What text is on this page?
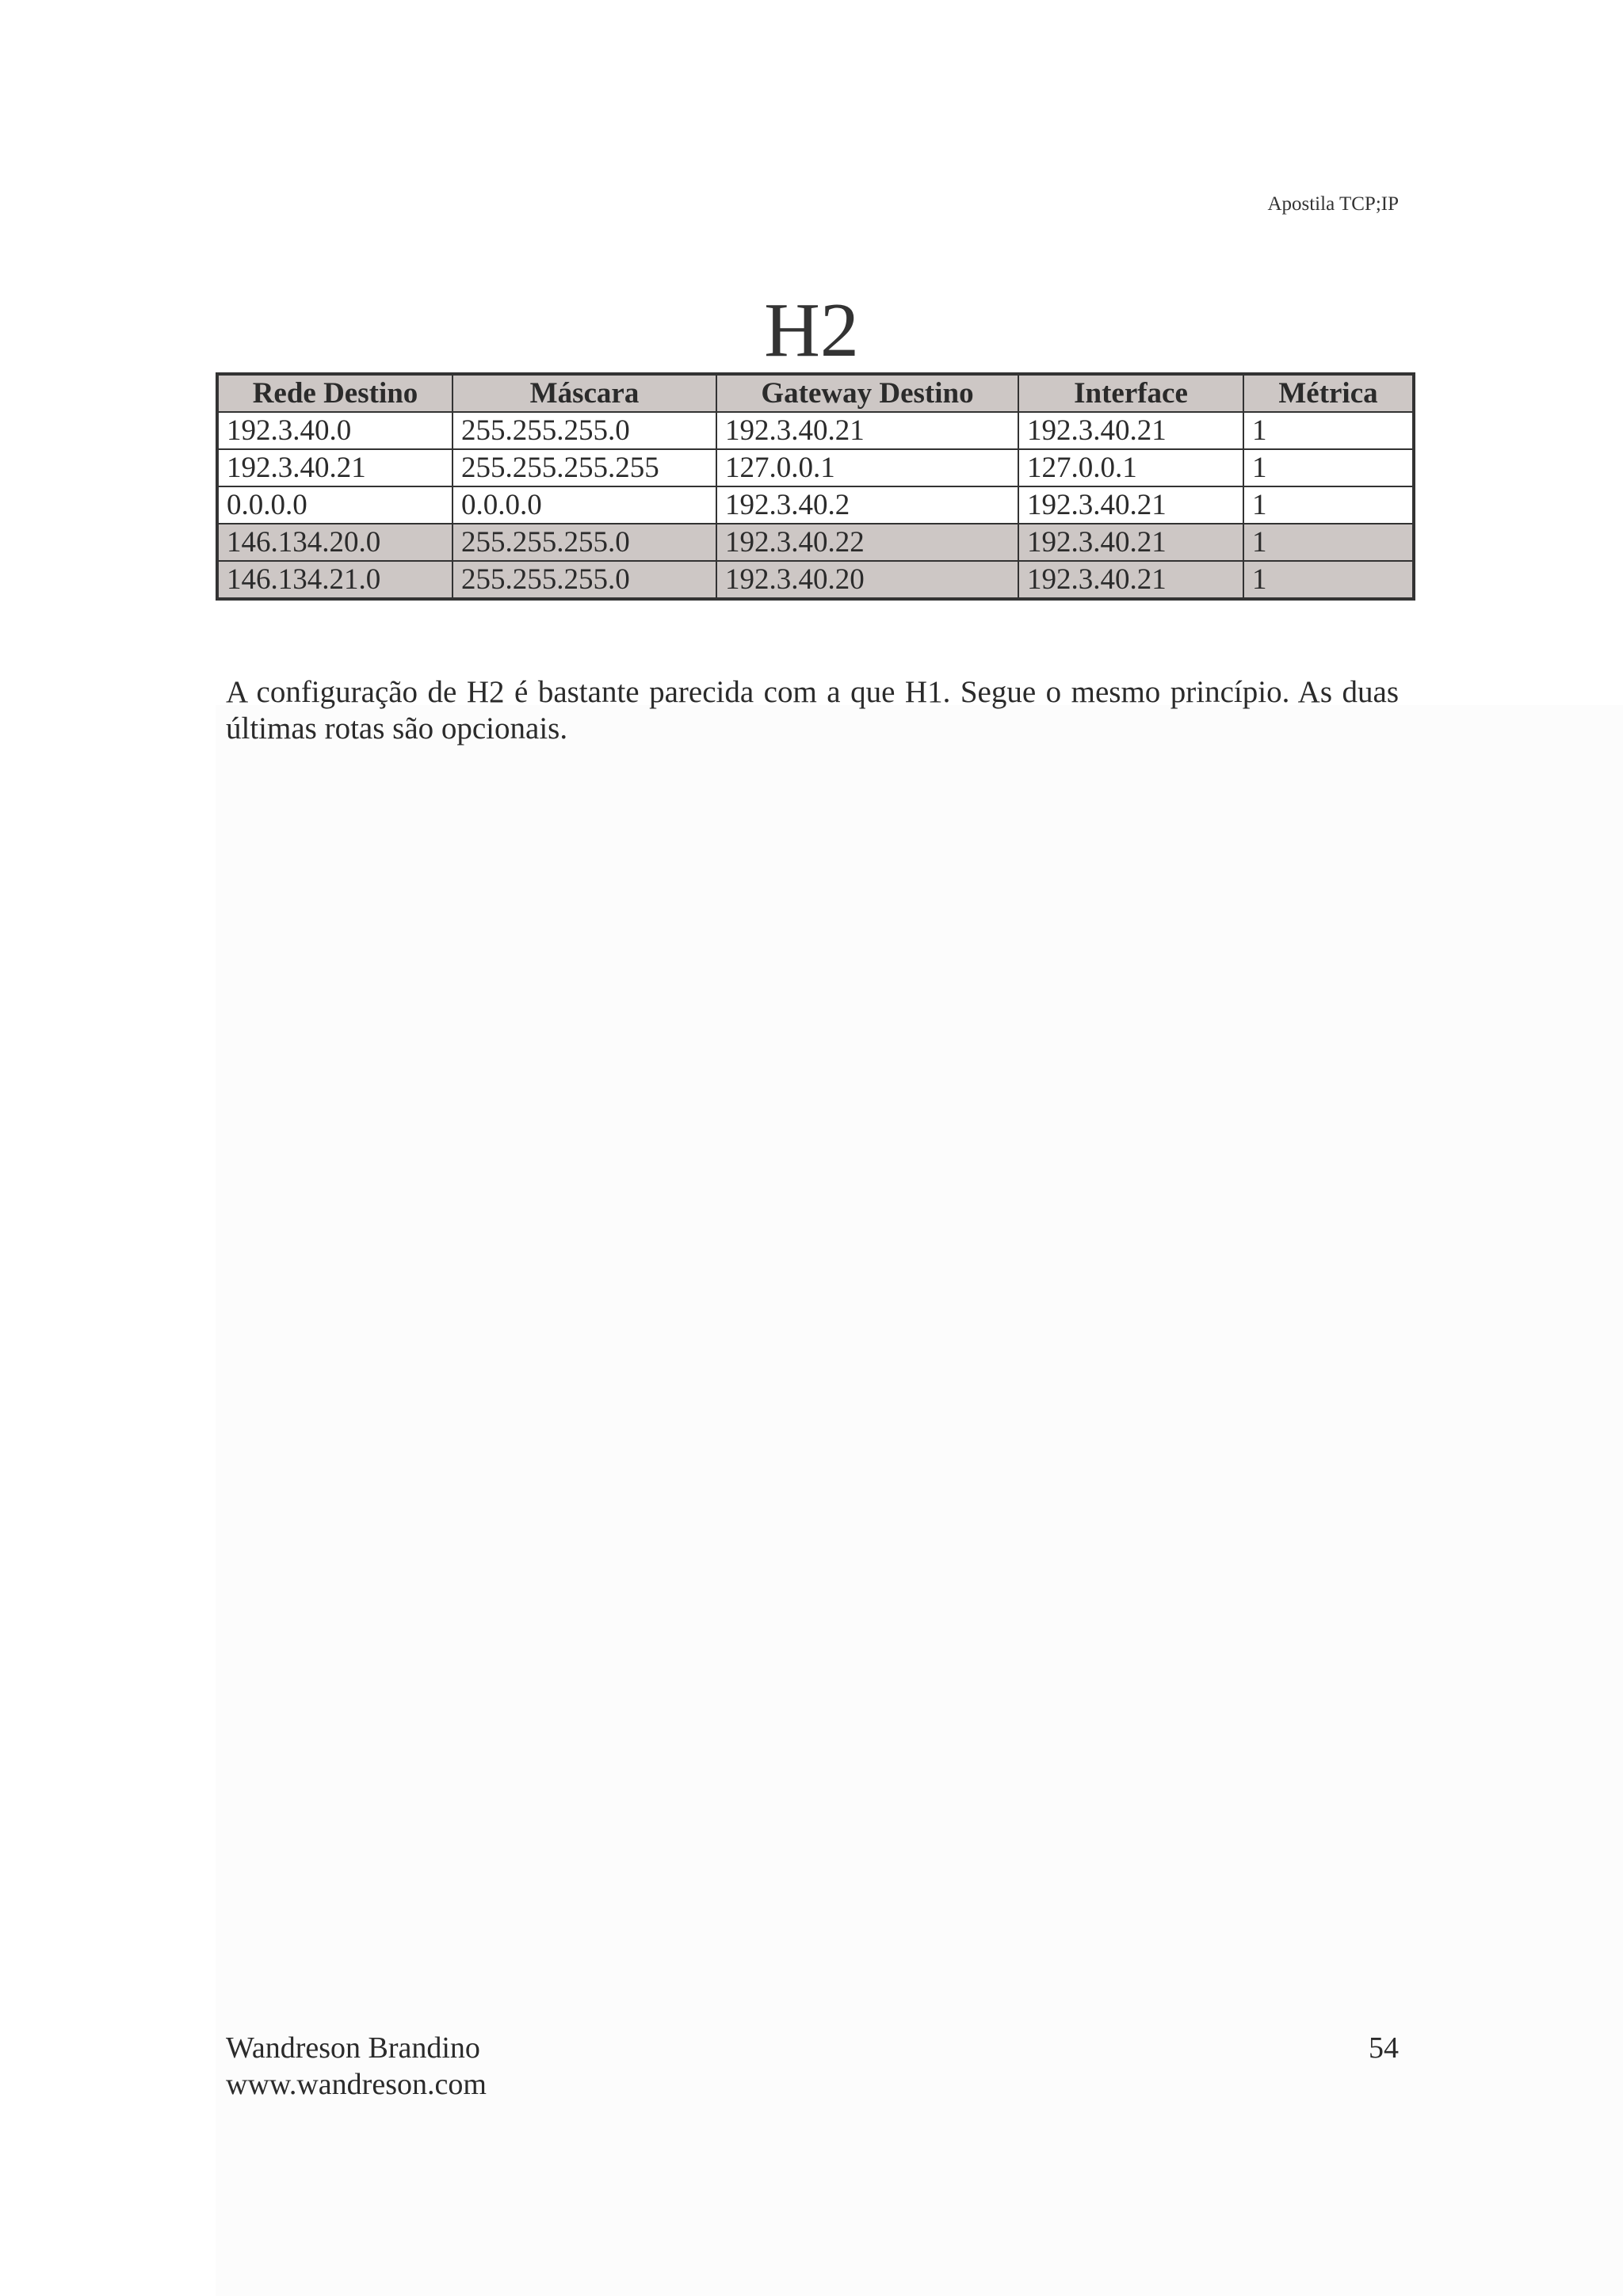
Apostila TCP;IP
H2
Rede Destino	Máscara	Gateway Destino	Interface	Métrica
192.3.40.0	255.255.255.0	192.3.40.21	192.3.40.21	1
192.3.40.21	255.255.255.255	127.0.0.1	127.0.0.1	1
0.0.0.0	0.0.0.0	192.3.40.2	192.3.40.21	1
146.134.20.0	255.255.255.0	192.3.40.22	192.3.40.21	1
146.134.21.0	255.255.255.0	192.3.40.20	192.3.40.21	1

A configuração de H2 é bastante parecida com a que H1. Segue o mesmo princípio. As duas últimas rotas são opcionais.

Wandreson Brandino
www.wandreson.com
54
